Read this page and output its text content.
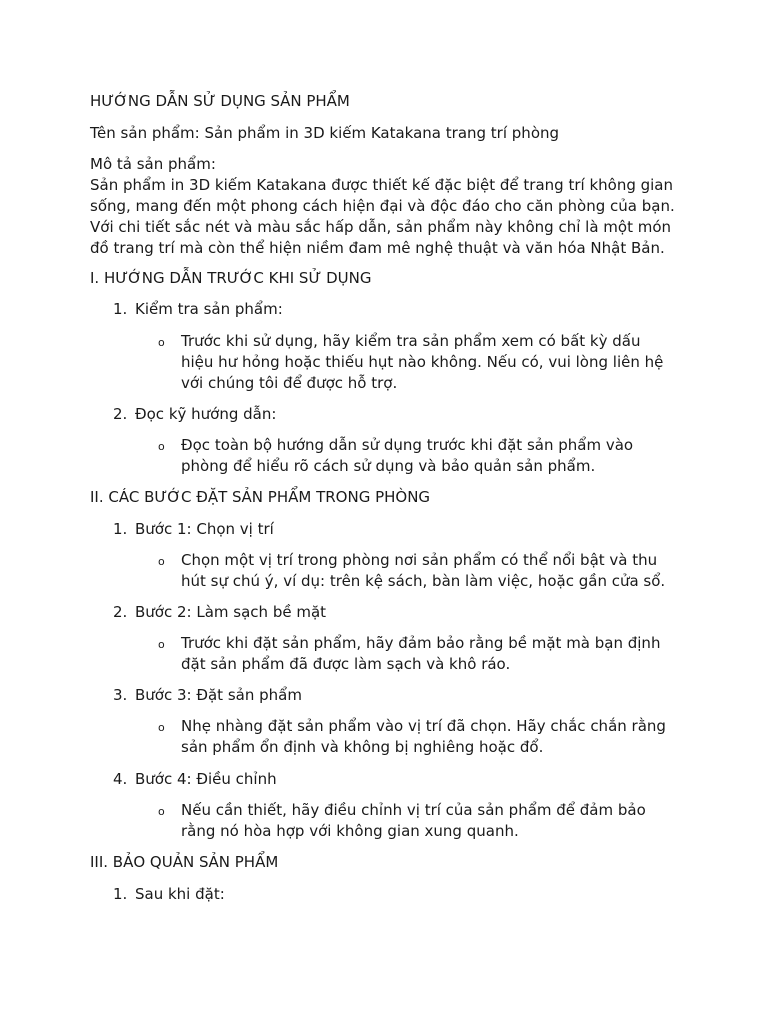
HƯỚNG DẪN SỬ DỤNG SẢN PHẨM

Tên sản phẩm: Sản phẩm in 3D kiếm Katakana trang trí phòng

Mô tả sản phẩm:

Sản phẩm in 3D kiếm Katakana được thiết kế đặc biệt để trang trí không gian
sống, mang đến một phong cách hiện đại và độc đáo cho căn phòng của bạn.
Với chi tiết sắc nét và màu sắc hấp dẫn, sản phẩm này không chỉ là một món
đồ trang trí mà còn thể hiện niềm đam mê nghệ thuật và văn hóa Nhật Bản.

I. HƯỚNG DẪN TRƯỚC KHI SỬ DỤNG

1. Kiểm tra sản phẩm:
o Trước khi sử dụng, hãy kiểm tra sản phẩm xem có bất kỳ dấu
hiệu hư hỏng hoặc thiếu hụt nào không. Nếu có, vui lòng liên hệ
với chúng tôi để được hỗ trợ.
2. Đọc kỹ hướng dẫn:
o Đọc toàn bộ hướng dẫn sử dụng trước khi đặt sản phẩm vào
phòng để hiểu rõ cách sử dụng và bảo quản sản phẩm.

II. CÁC BƯỚC ĐẶT SẢN PHẨM TRONG PHÒNG

1. Bước 1: Chọn vị trí
o Chọn một vị trí trong phòng nơi sản phẩm có thể nổi bật và thu
hút sự chú ý, ví dụ: trên kệ sách, bàn làm việc, hoặc gần cửa sổ.
2. Bước 2: Làm sạch bề mặt
o Trước khi đặt sản phẩm, hãy đảm bảo rằng bề mặt mà bạn định
đặt sản phẩm đã được làm sạch và khô ráo.
3. Bước 3: Đặt sản phẩm
o Nhẹ nhàng đặt sản phẩm vào vị trí đã chọn. Hãy chắc chắn rằng
sản phẩm ổn định và không bị nghiêng hoặc đổ.
4. Bước 4: Điều chỉnh
o Nếu cần thiết, hãy điều chỉnh vị trí của sản phẩm để đảm bảo
rằng nó hòa hợp với không gian xung quanh.

III. BẢO QUẢN SẢN PHẨM

1. Sau khi đặt:
